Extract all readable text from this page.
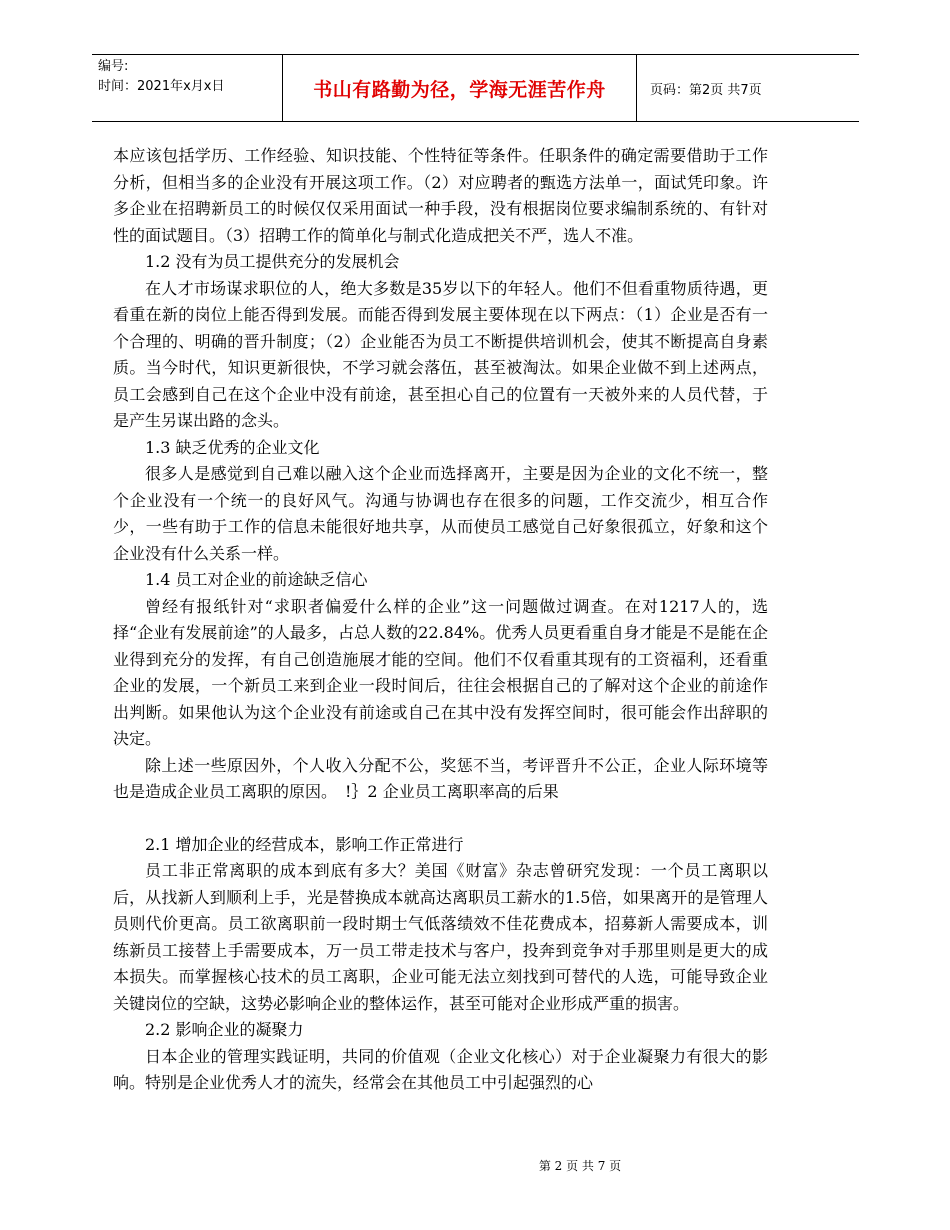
编号:
时间：2021年x月x日	书山有路勤为径，学海无涯苦作舟	页码：第2页 共7页

本应该包括学历、工作经验、知识技能、个性特征等条件。任职条件的确定需要借助于工作分析，但相当多的企业没有开展这项工作。（2）对应聘者的甄选方法单一，面试凭印象。许多企业在招聘新员工的时候仅仅采用面试一种手段，没有根据岗位要求编制系统的、有针对性的面试题目。（3）招聘工作的简单化与制式化造成把关不严，选人不准。

1.2 没有为员工提供充分的发展机会

在人才市场谋求职位的人，绝大多数是35岁以下的年轻人。他们不但看重物质待遇，更看重在新的岗位上能否得到发展。而能否得到发展主要体现在以下两点：（1）企业是否有一个合理的、明确的晋升制度；（2）企业能否为员工不断提供培训机会，使其不断提高自身素质。当今时代，知识更新很快，不学习就会落伍，甚至被淘汰。如果企业做不到上述两点，员工会感到自己在这个企业中没有前途，甚至担心自己的位置有一天被外来的人员代替，于是产生另谋出路的念头。

1.3 缺乏优秀的企业文化

很多人是感觉到自己难以融入这个企业而选择离开，主要是因为企业的文化不统一，整个企业没有一个统一的良好风气。沟通与协调也存在很多的问题，工作交流少，相互合作少，一些有助于工作的信息未能很好地共享，从而使员工感觉自己好象很孤立，好象和这个企业没有什么关系一样。

1.4 员工对企业的前途缺乏信心

曾经有报纸针对“求职者偏爱什么样的企业”这一问题做过调查。在对1217人的，选择“企业有发展前途”的人最多，占总人数的22.84%。优秀人员更看重自身才能是不是能在企业得到充分的发挥，有自己创造施展才能的空间。他们不仅看重其现有的工资福利，还看重企业的发展，一个新员工来到企业一段时间后，往往会根据自己的了解对这个企业的前途作出判断。如果他认为这个企业没有前途或自己在其中没有发挥空间时，很可能会作出辞职的决定。

除上述一些原因外，个人收入分配不公，奖惩不当，考评晋升不公正，企业人际环境等也是造成企业员工离职的原因。　!｝2 企业员工离职率高的后果

2.1 增加企业的经营成本，影响工作正常进行

员工非正常离职的成本到底有多大？美国《财富》杂志曾研究发现：一个员工离职以后，从找新人到顺利上手，光是替换成本就高达离职员工薪水的1.5倍，如果离开的是管理人员则代价更高。员工欲离职前一段时期士气低落绩效不佳花费成本，招募新人需要成本，训练新员工接替上手需要成本，万一员工带走技术与客户，投奔到竞争对手那里则是更大的成本损失。而掌握核心技术的员工离职，企业可能无法立刻找到可替代的人选，可能导致企业关键岗位的空缺，这势必影响企业的整体运作，甚至可能对企业形成严重的损害。

2.2 影响企业的凝聚力

日本企业的管理实践证明，共同的价值观（企业文化核心）对于企业凝聚力有很大的影响。特别是企业优秀人才的流失，经常会在其他员工中引起强烈的心

第 2 页 共 7 页
